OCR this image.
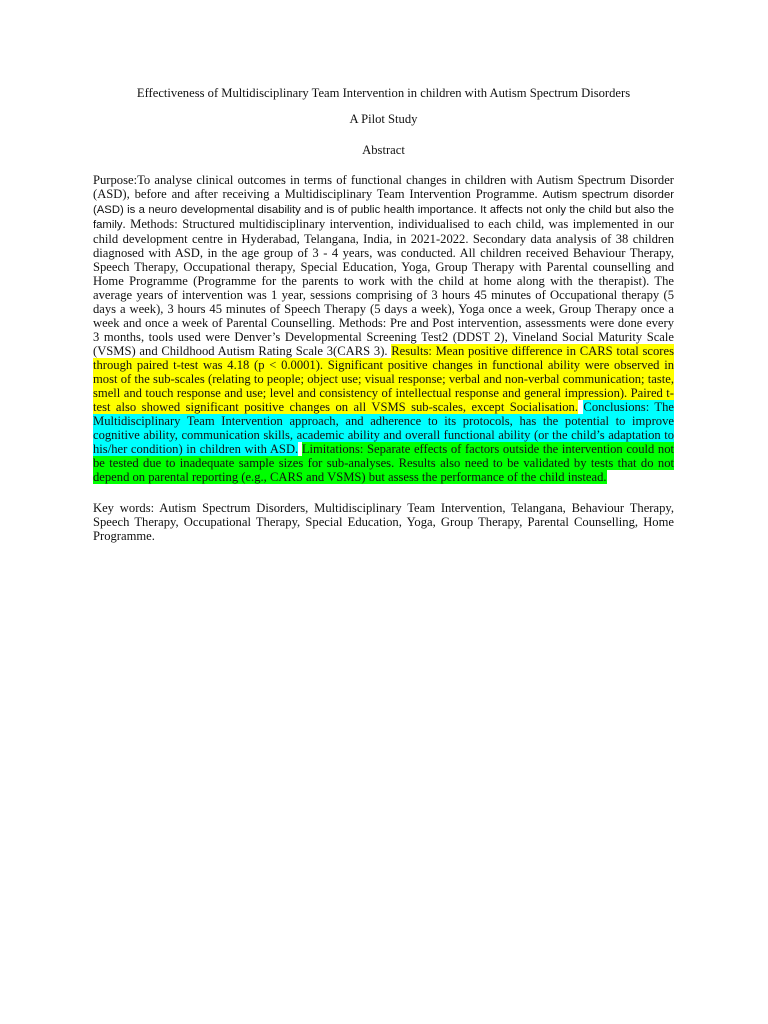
Effectiveness of Multidisciplinary Team Intervention in children with Autism Spectrum Disorders

A Pilot Study

Abstract

Purpose:To analyse clinical outcomes in terms of functional changes in children with Autism Spectrum Disorder (ASD), before and after receiving a Multidisciplinary Team Intervention Programme. Autism spectrum disorder (ASD) is a neuro developmental disability and is of public health importance. It affects not only the child but also the family. Methods: Structured multidisciplinary intervention, individualised to each child, was implemented in our child development centre in Hyderabad, Telangana, India, in 2021-2022. Secondary data analysis of 38 children diagnosed with ASD, in the age group of 3 - 4 years, was conducted. All children received Behaviour Therapy, Speech Therapy, Occupational therapy, Special Education, Yoga, Group Therapy with Parental counselling and Home Programme (Programme for the parents to work with the child at home along with the therapist). The average years of intervention was 1 year, sessions comprising of 3 hours 45 minutes of Occupational therapy (5 days a week), 3 hours 45 minutes of Speech Therapy (5 days a week), Yoga once a week, Group Therapy once a week and once a week of Parental Counselling. Methods: Pre and Post intervention, assessments were done every 3 months, tools used were Denver’s Developmental Screening Test2 (DDST 2), Vineland Social Maturity Scale (VSMS) and Childhood Autism Rating Scale 3(CARS 3). Results: Mean positive difference in CARS total scores through paired t-test was 4.18 (p < 0.0001). Significant positive changes in functional ability were observed in most of the sub-scales (relating to people; object use; visual response; verbal and non-verbal communication; taste, smell and touch response and use; level and consistency of intellectual response and general impression). Paired t-test also showed significant positive changes on all VSMS sub-scales, except Socialisation. Conclusions: The Multidisciplinary Team Intervention approach, and adherence to its protocols, has the potential to improve cognitive ability, communication skills, academic ability and overall functional ability (or the child’s adaptation to his/her condition) in children with ASD. Limitations: Separate effects of factors outside the intervention could not be tested due to inadequate sample sizes for sub-analyses. Results also need to be validated by tests that do not depend on parental reporting (e.g., CARS and VSMS) but assess the performance of the child instead.

Key words: Autism Spectrum Disorders, Multidisciplinary Team Intervention, Telangana, Behaviour Therapy, Speech Therapy, Occupational Therapy, Special Education, Yoga, Group Therapy, Parental Counselling, Home Programme.
